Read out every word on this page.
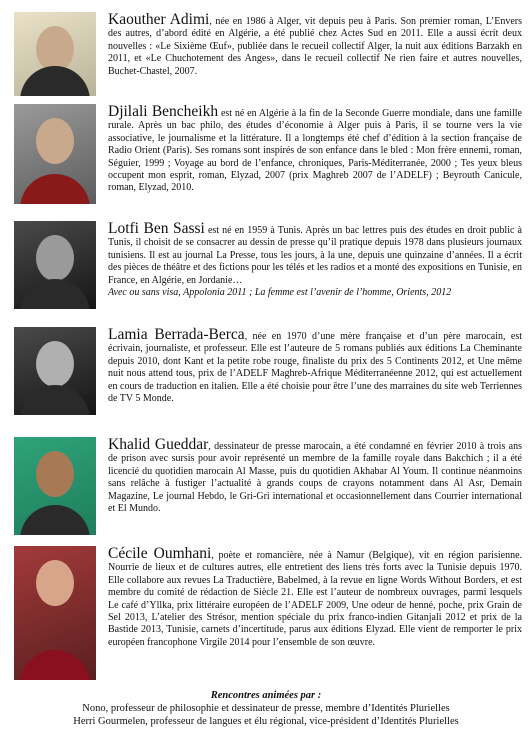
Kaouther Adimi, née en 1986 à Alger, vit depuis peu à Paris. Son premier roman, L’Envers des autres, d’abord édité en Algérie, a été publié chez Actes Sud en 2011. Elle a aussi écrit deux nouvelles : «Le Sixième Œuf», publiée dans le recueil collectif Alger, la nuit aux éditions Barzakh en 2011, et «Le Chuchotement des Anges», dans le recueil collectif Ne rien faire et autres nouvelles, Buchet-Chastel, 2007.
Djilali Bencheikh est né en Algérie à la fin de la Seconde Guerre mondiale, dans une famille rurale. Après un bac philo, des études d’économie à Alger puis à Paris, il se tourne vers la vie associative, le journalisme et la littérature. Il a longtemps été chef d’édition à la section française de Radio Orient (Paris). Ses romans sont inspirés de son enfance dans le bled : Mon frère ennemi, roman, Séguier, 1999 ; Voyage au bord de l’enfance, chroniques, Paris-Méditerranée, 2000 ; Tes yeux bleus occupent mon esprit, roman, Elyzad, 2007 (prix Maghreb 2007 de l’ADELF) ; Beyrouth Canicule, roman, Elyzad, 2010.
Lotfi Ben Sassi est né en 1959 à Tunis. Après un bac lettres puis des études en droit public à Tunis, il choisit de se consacrer au dessin de presse qu’il pratique depuis 1978 dans plusieurs journaux tunisiens. Il est au journal La Presse, tous les jours, à la une, depuis une quinzaine d’années. Il a écrit des pièces de théâtre et des fictions pour les télés et les radios et a monté des expositions en Tunisie, en France, en Algérie, en Jordanie…
Avec ou sans visa, Appolonia 2011 ; La femme est l’avenir de l’homme, Orients, 2012
Lamia Berrada-Berca, née en 1970 d’une mère française et d’un père marocain, est écrivain, journaliste, et professeur. Elle est l’auteure de 5 romans publiés aux éditions La Cheminante depuis 2010, dont Kant et la petite robe rouge, finaliste du prix des 5 Continents 2012, et Une même nuit nous attend tous, prix de l’ADELF Maghreb-Afrique Méditerranéenne 2012, qui est actuellement en cours de traduction en italien. Elle a été choisie pour être l’une des marraines du site web Terriennes de TV 5 Monde.
Khalid Gueddar, dessinateur de presse marocain, a été condamné en février 2010 à trois ans de prison avec sursis pour avoir représenté un membre de la famille royale dans Bakchich ; il a été licencié du quotidien marocain Al Masse, puis du quotidien Akhabar Al Youm. Il continue néanmoins sans relâche à fustiger l’actualité à grands coups de crayons notamment dans Al Asr, Demain Magazine, Le journal Hebdo, le Gri-Gri international et occasionnellement dans Courrier international et El Mundo.
Cécile Oumhani, poète et romancière, née à Namur (Belgique), vit en région parisienne. Nourrie de lieux et de cultures autres, elle entretient des liens très forts avec la Tunisie depuis 1970. Elle collabore aux revues La Traductière, Babelmed, à la revue en ligne Words Without Borders, et est membre du comité de rédaction de Siècle 21. Elle est l’auteur de nombreux ouvrages, parmi lesquels Le café d’Yllka, prix littéraire européen de l’ADELF 2009, Une odeur de henné, poche, prix Grain de Sel 2013, L’atelier des Strésor, mention spéciale du prix franco-indien Gitanjali 2012 et prix de la Bastide 2013, Tunisie, carnets d’incertitude, parus aux éditions Elyzad. Elle vient de remporter le prix européen francophone Virgile 2014 pour l’ensemble de son œuvre.
Rencontres animées par :
Nono, professeur de philosophie et dessinateur de presse, membre d’Identités Plurielles
Herri Gourmelen, professeur de langues et élu régional, vice-président d’Identités Plurielles
